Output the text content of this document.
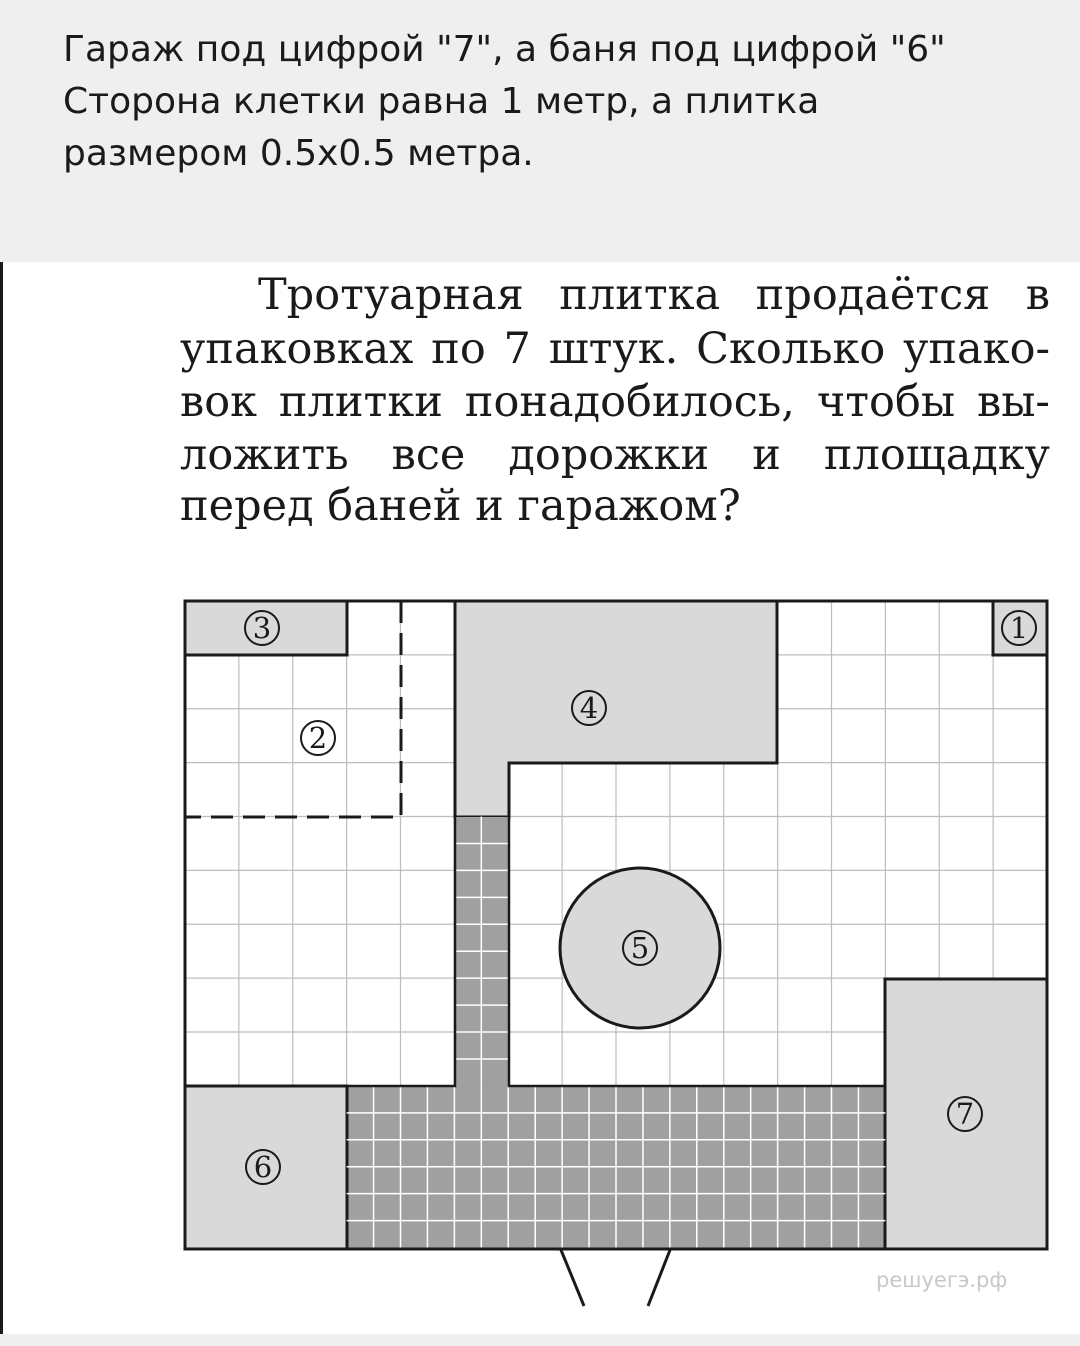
Гараж под цифрой "7", а баня под цифрой "6"
Сторона клетки равна 1 метр, а плитка
размером 0.5х0.5 метра.
Тротуарная плитка продаётся в
упаковках по 7 штук. Сколько упако-
вок плитки понадобилось, чтобы вы-
ложить все дорожки и площадку
перед баней и гаражом?
1
2
3
4
5
6
7
решуегэ.рф
